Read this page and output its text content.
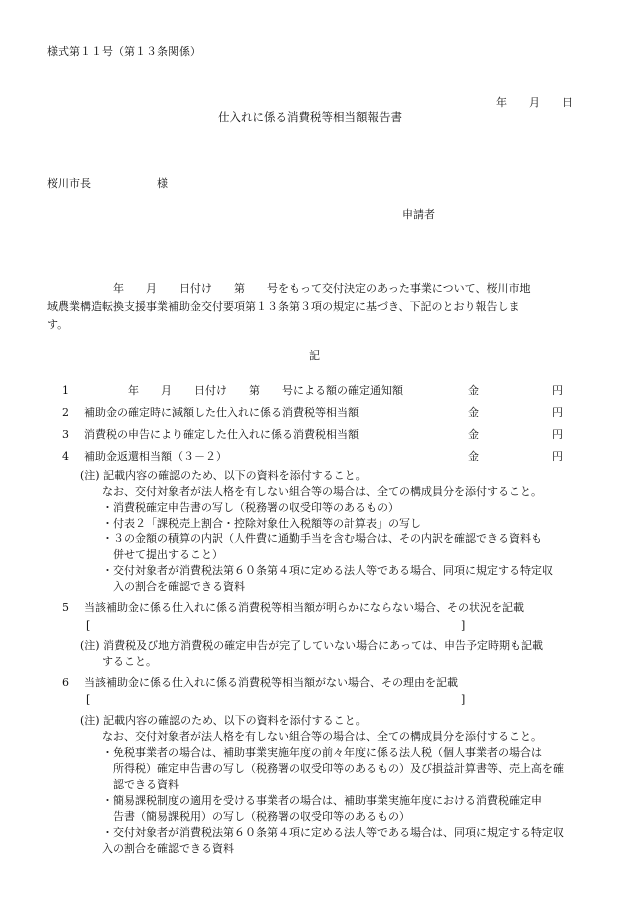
様式第１１号（第１３条関係）
年　　月　　日
仕入れに係る消費税等相当額報告書
桜川市長　　　　　　様
申請者
　　　　　　年　　月　　日付け　　第　　号をもって交付決定のあった事業について、桜川市地
域農業構造転換支援事業補助金交付要項第１３条第３項の規定に基づき、下記のとおり報告しま
す。
記
1 　　　　年　　月　　日付け　　第　　号による額の確定通知額	金	円
2 補助金の確定時に減額した仕入れに係る消費税等相当額	金	円
3 消費税の申告により確定した仕入れに係る消費税相当額	金	円
4 補助金返還相当額（３－２）	金	円
(注) 記載内容の確認のため、以下の資料を添付すること。
　　なお、交付対象者が法人格を有しない組合等の場合は、全ての構成員分を添付すること。
　　・消費税確定申告書の写し（税務署の収受印等のあるもの）
　　・付表２「課税売上割合・控除対象仕入税額等の計算表」の写し
　　・３の金額の積算の内訳（人件費に通勤手当を含む場合は、その内訳を確認できる資料も
　　　併せて提出すること）
　　・交付対象者が消費税法第６０条第４項に定める法人等である場合、同項に規定する特定収
　　　入の割合を確認できる資料
5 当該補助金に係る仕入れに係る消費税等相当額が明らかにならない場合、その状況を記載
[	]
(注) 消費税及び地方消費税の確定申告が完了していない場合にあっては、申告予定時期も記載
　　すること。
6 当該補助金に係る仕入れに係る消費税等相当額がない場合、その理由を記載
[	]
(注) 記載内容の確認のため、以下の資料を添付すること。
　　なお、交付対象者が法人格を有しない組合等の場合は、全ての構成員分を添付すること。
　　・免税事業者の場合は、補助事業実施年度の前々年度に係る法人税（個人事業者の場合は
　　　所得税）確定申告書の写し（税務署の収受印等のあるもの）及び損益計算書等、売上高を確
　　　認できる資料
　　・簡易課税制度の適用を受ける事業者の場合は、補助事業実施年度における消費税確定申
　　　告書（簡易課税用）の写し（税務署の収受印等のあるもの）
　　・交付対象者が消費税法第６０条第４項に定める法人等である場合は、同項に規定する特定収
　　入の割合を確認できる資料
